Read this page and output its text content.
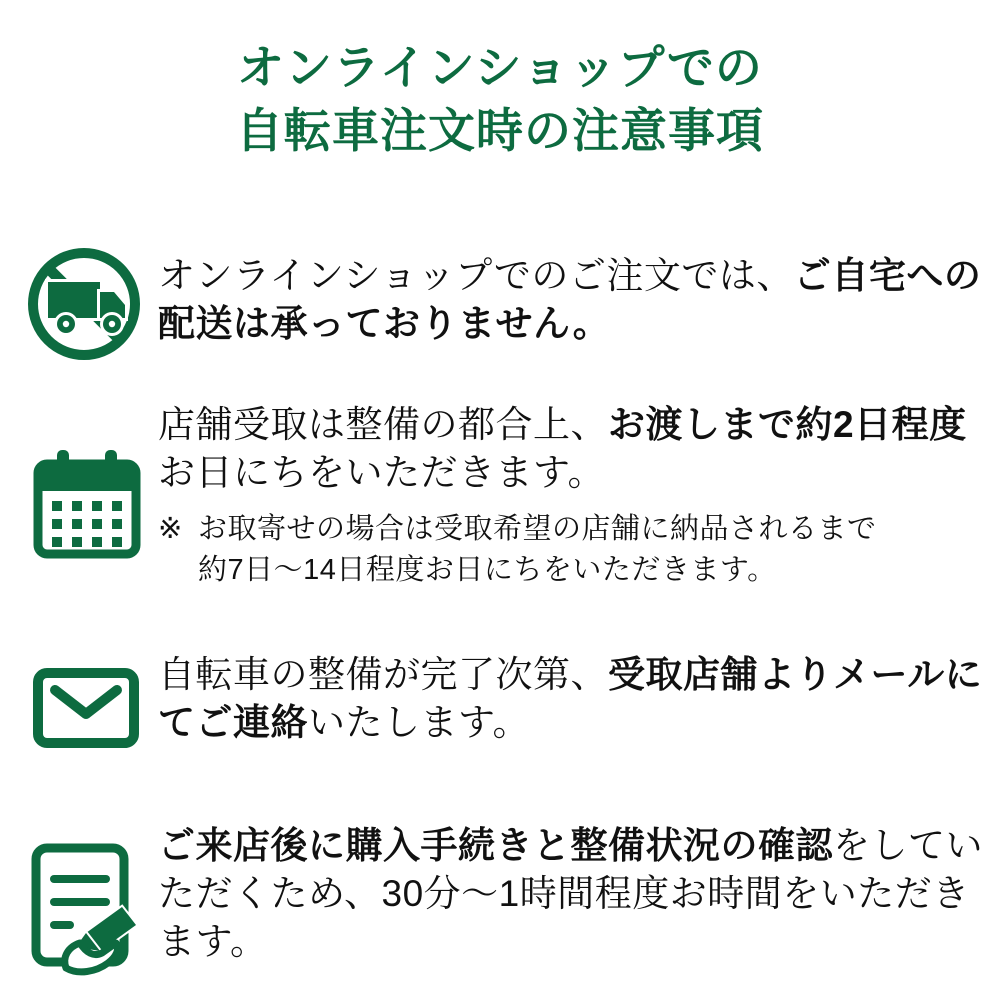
オンラインショップでの
自転車注文時の注意事項
オンラインショップでのご注文では、ご自宅への配送は承っておりません。
店舗受取は整備の都合上、お渡しまで約2日程度お日にちをいただきます。
※ お取寄せの場合は受取希望の店舗に納品されるまで約7日〜14日程度お日にちをいただきます。
自転車の整備が完了次第、受取店舗よりメールにてご連絡いたします。
ご来店後に購入手続きと整備状況の確認をしていただくため、30分〜1時間程度お時間をいただきます。
